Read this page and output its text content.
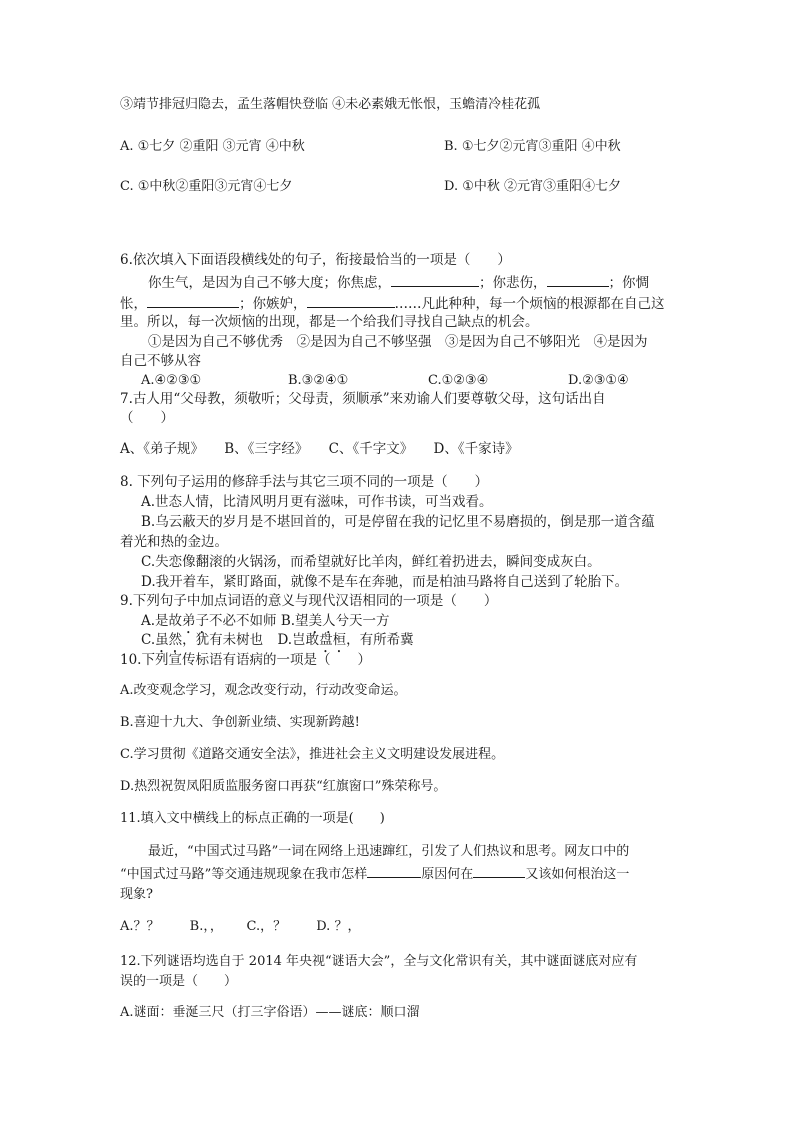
③靖节排冠归隐去，孟生落帽快登临 ④未必素娥无怅恨，玉蟾清冷桂花孤
A. ①七夕 ②重阳 ③元宵 ④中秋	B. ①七夕②元宵③重阳 ④中秋
C. ①中秋②重阳③元宵④七夕	D. ①中秋 ②元宵③重阳④七夕
6.依次填入下面语段横线处的句子，衔接最恰当的一项是（　　）
你生气，是因为自己不够大度；你焦虑，	；你悲伤，	；你惆
怅，	；你嫉妒，	……凡此种种，每一个烦恼的根源都在自己这
里。所以，每一次烦恼的出现，都是一个给我们寻找自己缺点的机会。
①是因为自己不够优秀　②是因为自己不够坚强　③是因为自己不够阳光　④是因为
自己不够从容
A.④②③①	B.③②④①	C.①②③④	D.②③①④
7.古人用“父母教，须敬听；父母责，须顺承”来劝谕人们要尊敬父母，这句话出自
（　　）
A、《弟子规》　　B、《三字经》　　C、《千字文》　　D、《千家诗》
8. 下列句子运用的修辞手法与其它三项不同的一项是（　　）
A.世态人情，比清风明月更有滋味，可作书读，可当戏看。
B.乌云蔽天的岁月是不堪回首的，可是停留在我的记忆里不易磨损的，倒是那一道含蕴
着光和热的金边。
C.失恋像翻滚的火锅汤，而希望就好比羊肉，鲜红着扔进去，瞬间变成灰白。
D.我开着车，紧盯路面，就像不是车在奔驰，而是柏油马路将自己送到了轮胎下。
9.下列句子中加点词语的意义与现代汉语相同的一项是（　　）
A.是故弟子不必不如师 B.望美人兮天一方
C.虽然，犹有未树也 D.岂敢盘桓，有所希冀
10.下列宣传标语有语病的一项是（　　）
A.改变观念学习，观念改变行动，行动改变命运。
B.喜迎十九大、争创新业绩、实现新跨越!
C.学习贯彻《道路交通安全法》，推进社会主义文明建设发展进程。
D.热烈祝贺凤阳质监服务窗口再获“红旗窗口”殊荣称号。
11.填入文中横线上的标点正确的一项是(　　)
最近，“中国式过马路”一词在网络上迅速蹿红，引发了人们热议和思考。网友口中的
“中国式过马路”等交通违规现象在我市怎样	原因何在	又该如何根治这一
现象?
A.？？　　 B.，，　　 C.，？　　 D. ？，
12.下列谜语均选自于 2014 年央视“谜语大会”，全与文化常识有关，其中谜面谜底对应有
误的一项是（　　）
A.谜面：垂涎三尺（打三字俗语）——谜底：顺口溜
